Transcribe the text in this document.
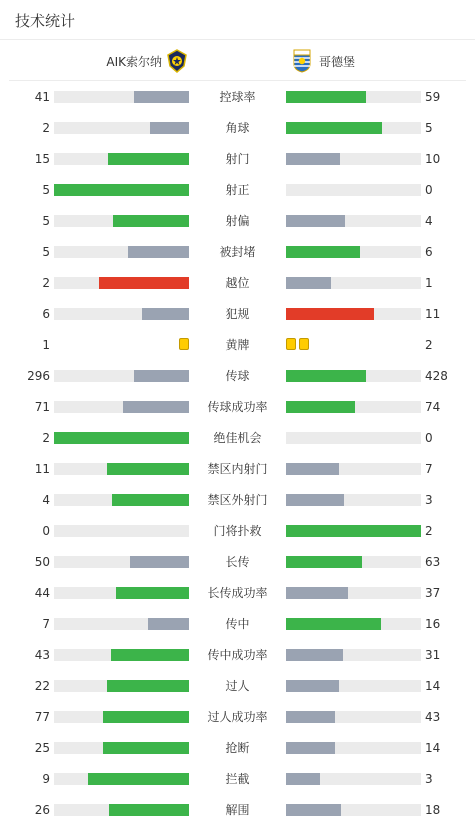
技术统计
AIK索尔纳	哥德堡
41	控球率	59
2	角球	5
15	射门	10
5	射正	0
5	射偏	4
5	被封堵	6
2	越位	1
6	犯规	11
1	黄牌	2
296	传球	428
71	传球成功率	74
2	绝佳机会	0
11	禁区内射门	7
4	禁区外射门	3
0	门将扑救	2
50	长传	63
44	长传成功率	37
7	传中	16
43	传中成功率	31
22	过人	14
77	过人成功率	43
25	抢断	14
9	拦截	3
26	解围	18
